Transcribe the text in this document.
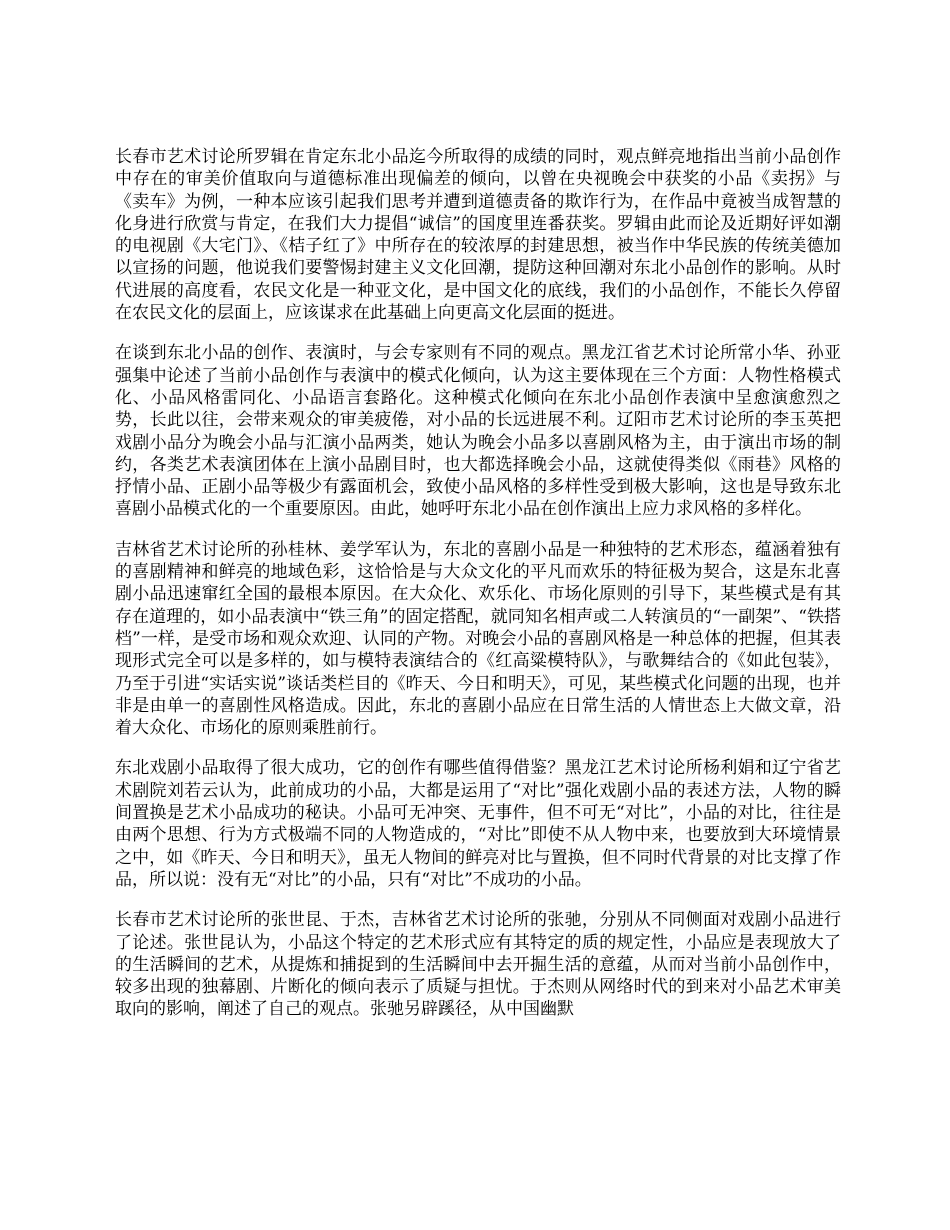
长春市艺术讨论所罗辑在肯定东北小品迄今所取得的成绩的同时，观点鲜亮地指出当前小品创作中存在的审美价值取向与道德标准出现偏差的倾向，以曾在央视晚会中获奖的小品《卖拐》与《卖车》为例，一种本应该引起我们思考并遭到道德责备的欺诈行为，在作品中竟被当成智慧的化身进行欣赏与肯定，在我们大力提倡“诚信”的国度里连番获奖。罗辑由此而论及近期好评如潮的电视剧《大宅门》、《桔子红了》中所存在的较浓厚的封建思想，被当作中华民族的传统美德加以宣扬的问题，他说我们要警惕封建主义文化回潮，提防这种回潮对东北小品创作的影响。从时代进展的高度看，农民文化是一种亚文化，是中国文化的底线，我们的小品创作，不能长久停留在农民文化的层面上，应该谋求在此基础上向更高文化层面的挺进。

在谈到东北小品的创作、表演时，与会专家则有不同的观点。黑龙江省艺术讨论所常小华、孙亚强集中论述了当前小品创作与表演中的模式化倾向，认为这主要体现在三个方面：人物性格模式化、小品风格雷同化、小品语言套路化。这种模式化倾向在东北小品创作表演中呈愈演愈烈之势，长此以往，会带来观众的审美疲倦，对小品的长远进展不利。辽阳市艺术讨论所的李玉英把戏剧小品分为晚会小品与汇演小品两类，她认为晚会小品多以喜剧风格为主，由于演出市场的制约，各类艺术表演团体在上演小品剧目时，也大都选择晚会小品，这就使得类似《雨巷》风格的抒情小品、正剧小品等极少有露面机会，致使小品风格的多样性受到极大影响，这也是导致东北喜剧小品模式化的一个重要原因。由此，她呼吁东北小品在创作演出上应力求风格的多样化。

吉林省艺术讨论所的孙桂林、姜学军认为，东北的喜剧小品是一种独特的艺术形态，蕴涵着独有的喜剧精神和鲜亮的地域色彩，这恰恰是与大众文化的平凡而欢乐的特征极为契合，这是东北喜剧小品迅速窜红全国的最根本原因。在大众化、欢乐化、市场化原则的引导下，某些模式是有其存在道理的，如小品表演中“铁三角”的固定搭配，就同知名相声或二人转演员的“一副架”、“铁搭档”一样，是受市场和观众欢迎、认同的产物。对晚会小品的喜剧风格是一种总体的把握，但其表现形式完全可以是多样的，如与模特表演结合的《红高粱模特队》，与歌舞结合的《如此包装》，乃至于引进“实话实说”谈话类栏目的《昨天、今日和明天》，可见，某些模式化问题的出现，也并非是由单一的喜剧性风格造成。因此，东北的喜剧小品应在日常生活的人情世态上大做文章，沿着大众化、市场化的原则乘胜前行。

东北戏剧小品取得了很大成功，它的创作有哪些值得借鉴？黑龙江艺术讨论所杨利娟和辽宁省艺术剧院刘若云认为，此前成功的小品，大都是运用了“对比”强化戏剧小品的表述方法，人物的瞬间置换是艺术小品成功的秘诀。小品可无冲突、无事件，但不可无“对比”，小品的对比，往往是由两个思想、行为方式极端不同的人物造成的，“对比”即使不从人物中来，也要放到大环境情景之中，如《昨天、今日和明天》，虽无人物间的鲜亮对比与置换，但不同时代背景的对比支撑了作品，所以说：没有无“对比”的小品，只有“对比”不成功的小品。

长春市艺术讨论所的张世昆、于杰，吉林省艺术讨论所的张驰，分别从不同侧面对戏剧小品进行了论述。张世昆认为，小品这个特定的艺术形式应有其特定的质的规定性，小品应是表现放大了的生活瞬间的艺术，从提炼和捕捉到的生活瞬间中去开掘生活的意蕴，从而对当前小品创作中，较多出现的独幕剧、片断化的倾向表示了质疑与担忧。于杰则从网络时代的到来对小品艺术审美取向的影响，阐述了自己的观点。张驰另辟蹊径，从中国幽默
